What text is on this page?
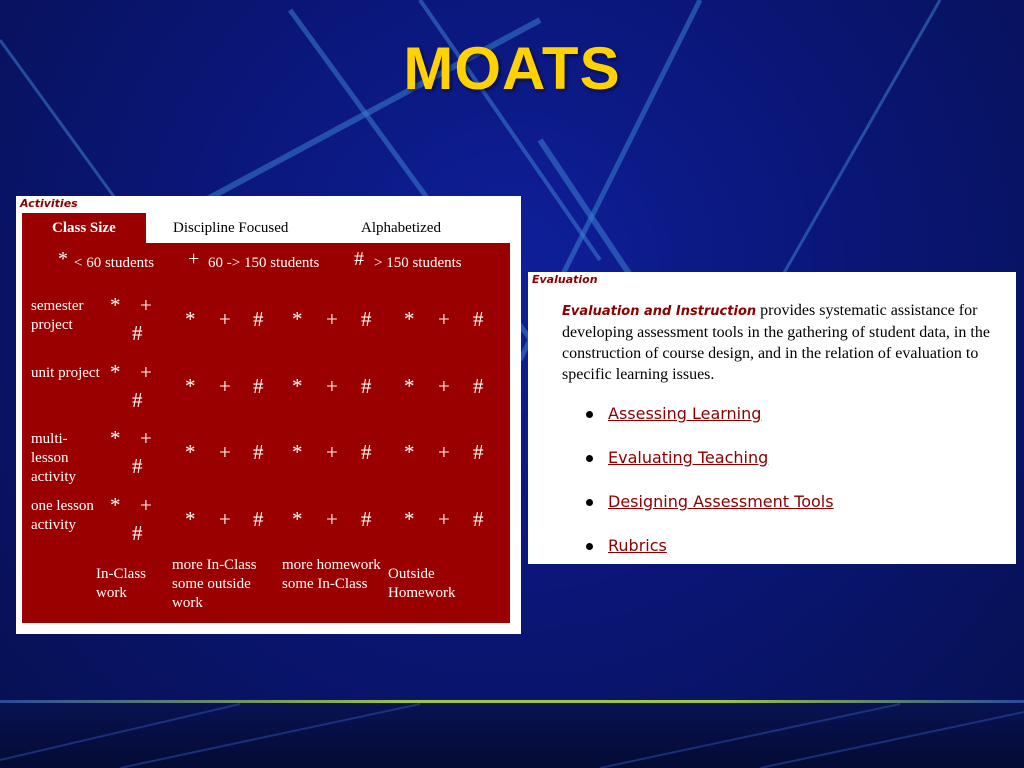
MOATS
Activities
Class Size	Discipline Focused	Alphabetized
* < 60 students + 60 -> 150 students # > 150 students
semester project
* +
#
* + # * + # * + #
unit project * +
#
* + # * + # * + #
multi-lesson activity
* +
#
* + # * + # * + #
one lesson activity
* +
#
* + # * + # * + #
In-Class work
more In-Class some outside work
more homework some In-Class
Outside Homework
Evaluation
Evaluation and Instruction provides systematic assistance for developing assessment tools in the gathering of student data, in the construction of course design, and in the relation of evaluation to specific learning issues.
Assessing Learning
Evaluating Teaching
Designing Assessment Tools
Rubrics
